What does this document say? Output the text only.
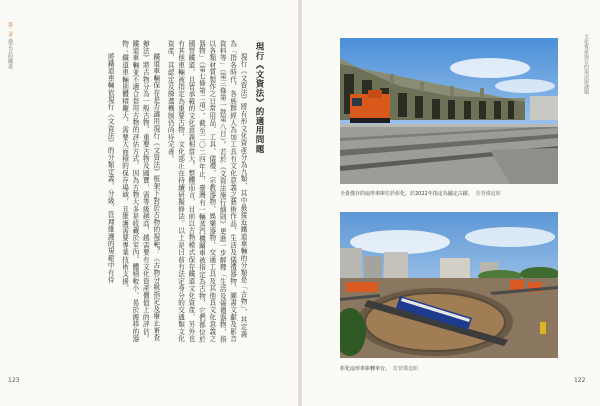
第二章 過去式的鐵道	現行《文資法》的適用問題

現行《文資法》將有形文化資產分為九類，其中最接近鐵道車輛的分類是「古物」，其定義為「指各時代、各族群經人為加工具有文化意義之藝術作品、生活及儀禮器物、圖書文獻及影音資料等」（第三條第一款第八目）。若於《文資法施行細則》更進一步解釋「生活及儀禮器物，指以各類材質製作之日常用品、工具、儀禮、宗教器物、娛樂器物、交通工具及其他具文化意義之器物」（第七條第二項）。截至二〇二四年止，臺灣有一輛蒸汽機關車被指定為古物，它們都位於國營鐵道，且皆承載的文化意義相當大。整體而言，目前以古物模式保存鐵道文化資產，另外也有其他車輛被指定為重要古物，文化部正在持續研擬修法。以上是目前有法定身分的交通類文化資產，其認定及篩選機制仍尚待完善。

鐵道車輛保存是否適用現行《文資法》框架下對於古物的規範？《古物分級指定及廢止審查辦法》將古物分為一般古物、重要古物及國寶，需等級越高，越需要有文化資產價值上的評估。鐵道車輛並不適合套用古物的評估方式，因為古物大多是收藏於室內、體積較小、易於搬移的器物；鐵道車輛則體積龐大、需要大面積的保存場域，且維護需要專業技術支援。

將鐵道車輛依現行《文資法》的分類定義、分級、管理維護的規範中有待

123
文化資產保存的現況與課題
全臺僅存的扇形車庫位於彰化，於2022年指定為國定古蹟。 監督鐵道館
彰化扇形車庫轉車台。 監督鐵道館
122
